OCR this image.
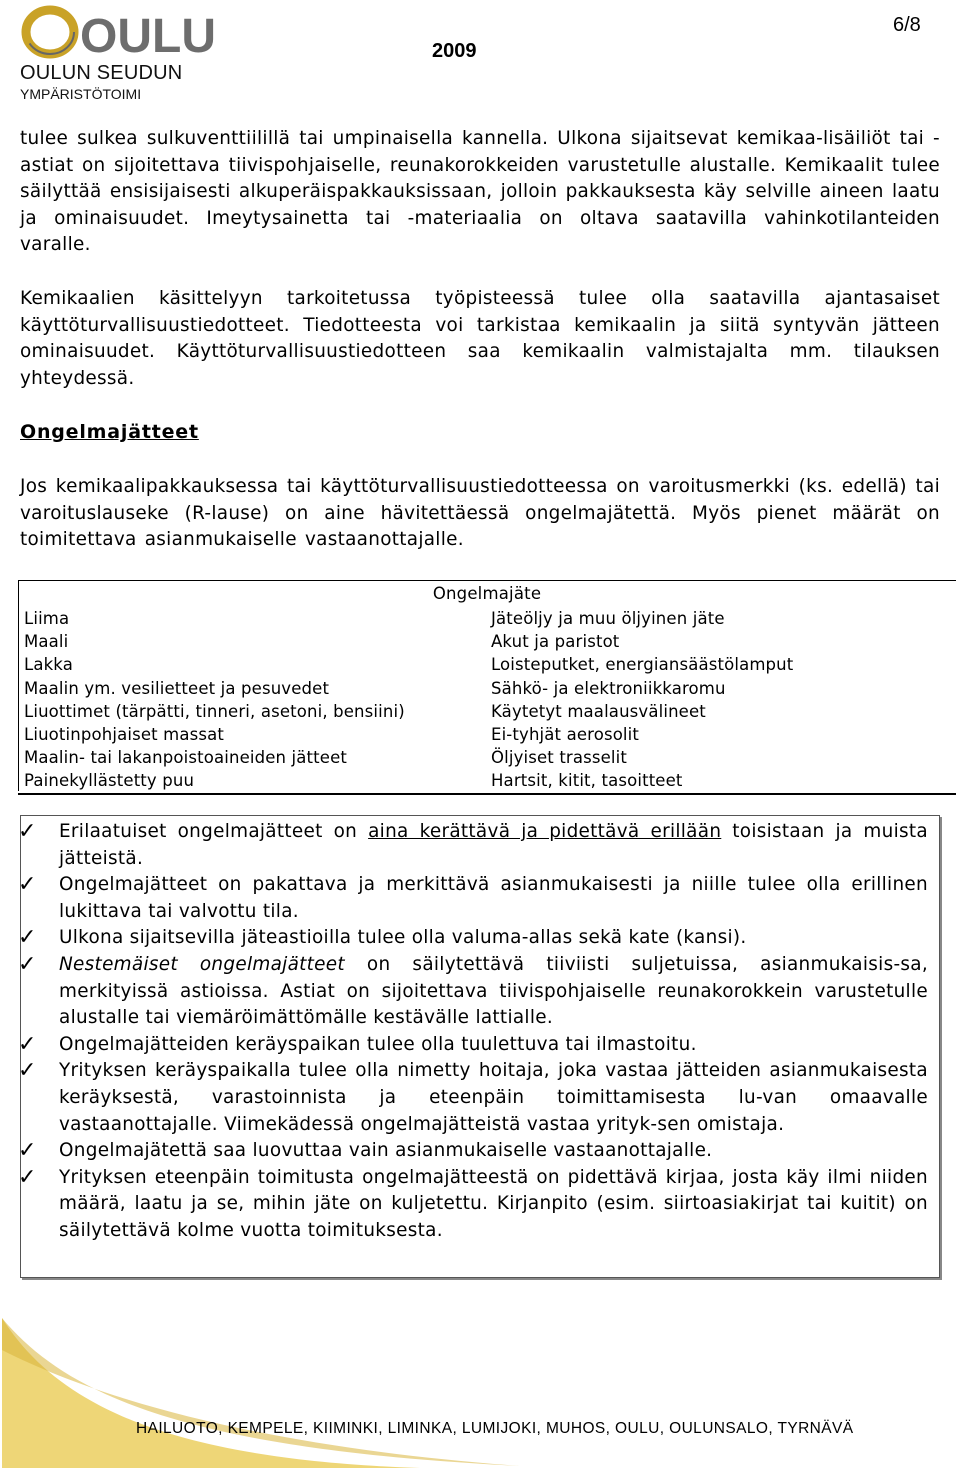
OULU
OULUN SEUDUN
YMPÄRISTÖTOIMI
2009
6/8

tulee sulkea sulkuventtiilillä tai umpinaisella kannella. Ulkona sijaitsevat kemikaa-lisäiliöt tai -astiat on sijoitettava tiivispohjaiselle, reunakorokkeiden varustetulle alustalle. Kemikaalit tulee säilyttää ensisijaisesti alkuperäispakkauksissaan, jolloin pakkauksesta käy selville aineen laatu ja ominaisuudet. Imeytysainetta tai -materiaalia on oltava saatavilla vahinkotilanteiden varalle.

Kemikaalien käsittelyyn tarkoitetussa työpisteessä tulee olla saatavilla ajantasaiset käyttöturvallisuustiedotteet. Tiedotteesta voi tarkistaa kemikaalin ja siitä syntyvän jätteen ominaisuudet. Käyttöturvallisuustiedotteen saa kemikaalin valmistajalta mm. tilauksen yhteydessä.

Ongelmajätteet

Jos kemikaalipakkauksessa tai käyttöturvallisuustiedotteessa on varoitusmerkki (ks. edellä) tai varoituslauseke (R-lause) on aine hävitettäessä ongelmajätettä. Myös pienet määrät on toimitettava asianmukaiselle vastaanottajalle.

Ongelmajäte
Liima
Maali
Lakka
Maalin ym. vesilietteet ja pesuvedet
Liuottimet (tärpätti, tinneri, asetoni, bensiini)
Liuotinpohjaiset massat
Maalin- tai lakanpoistoaineiden jätteet
Painekyllästetty puu
Jäteöljy ja muu öljyinen jäte
Akut ja paristot
Loisteputket, energiansäästölamput
Sähkö- ja elektroniikkaromu
Käytetyt maalausvälineet
Ei-tyhjät aerosolit
Öljyiset trasselit
Hartsit, kitit, tasoitteet
✓ Erilaatuiset ongelmajätteet on aina kerättävä ja pidettävä erillään toisistaan ja muista jätteistä.
✓ Ongelmajätteet on pakattava ja merkittävä asianmukaisesti ja niille tulee olla erillinen lukittava tai valvottu tila.
✓ Ulkona sijaitsevilla jäteastioilla tulee olla valuma-allas sekä kate (kansi).
✓ Nestemäiset ongelmajätteet on säilytettävä tiiviisti suljetuissa, asianmukaisis-sa, merkityissä astioissa. Astiat on sijoitettava tiivispohjaiselle reunakorokkein varustetulle alustalle tai viemäröimättömälle kestävälle lattialle.
✓ Ongelmajätteiden keräyspaikan tulee olla tuulettuva tai ilmastoitu.
✓ Yrityksen keräyspaikalla tulee olla nimetty hoitaja, joka vastaa jätteiden asianmukaisesta keräyksestä, varastoinnista ja eteenpäin toimittamisesta lu-van omaavalle vastaanottajalle. Viimekädessä ongelmajätteistä vastaa yrityk-sen omistaja.
✓ Ongelmajätettä saa luovuttaa vain asianmukaiselle vastaanottajalle.
✓ Yrityksen eteenpäin toimitusta ongelmajätteestä on pidettävä kirjaa, josta käy ilmi niiden määrä, laatu ja se, mihin jäte on kuljetettu. Kirjanpito (esim. siirtoasiakirjat tai kuitit) on säilytettävä kolme vuotta toimituksesta.
HAILUOTO, KEMPELE, KIIMINKI, LIMINKA, LUMIJOKI, MUHOS, OULU, OULUNSALO, TYRNÄVÄ
